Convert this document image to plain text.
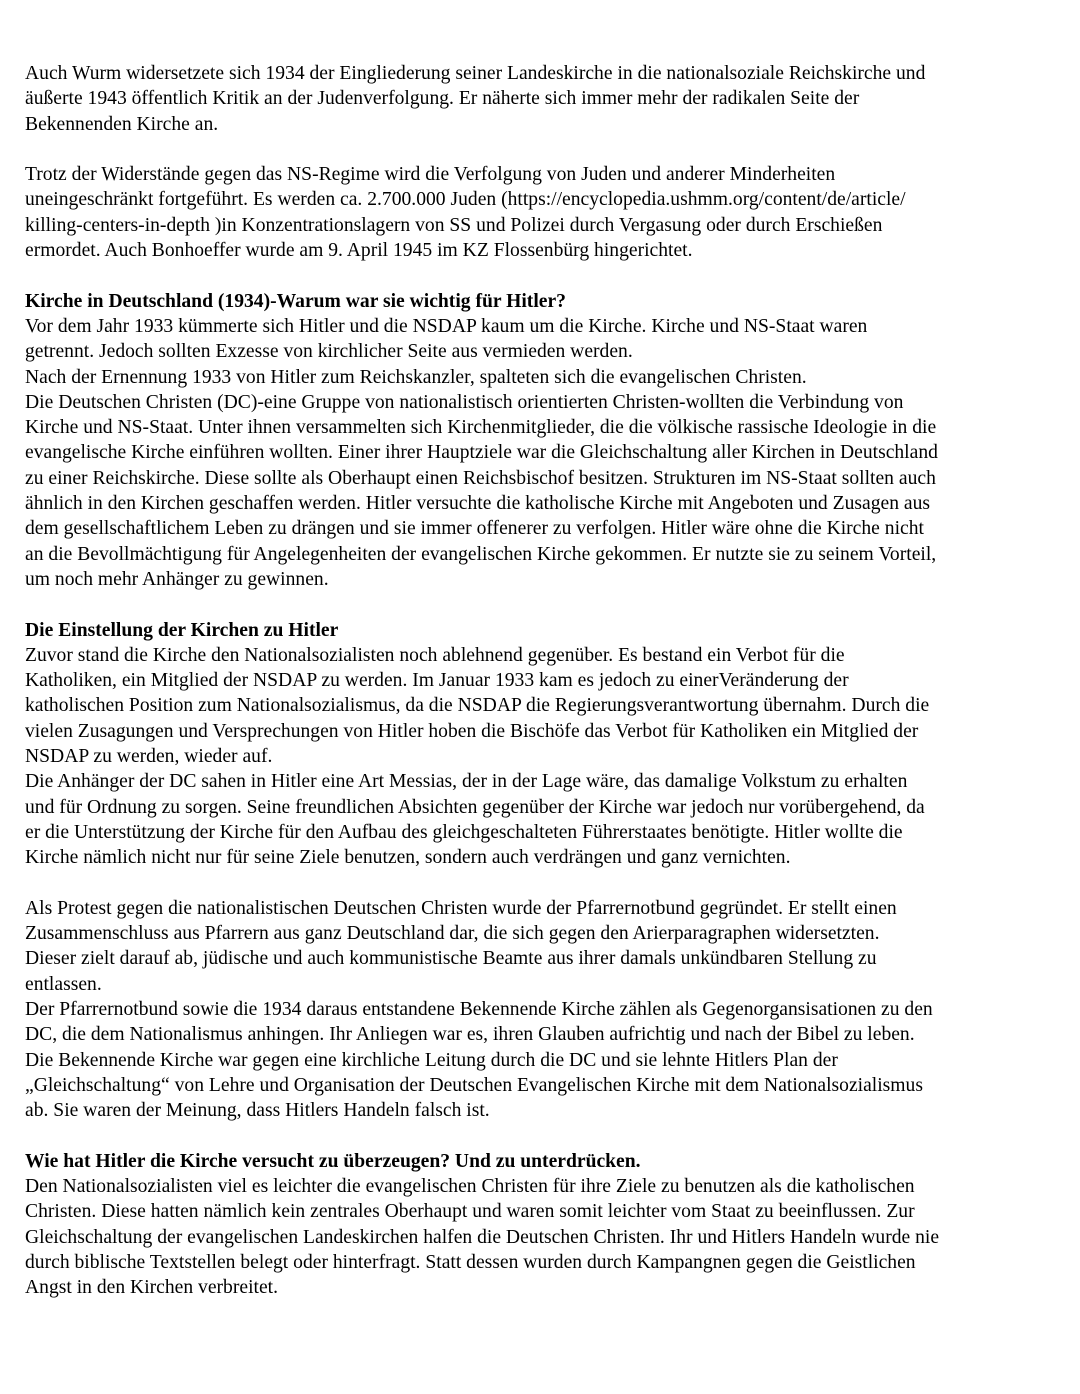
Auch Wurm widersetzete sich 1934 der Eingliederung seiner Landeskirche in die nationalsoziale Reichskirche und
äußerte 1943 öffentlich Kritik an der Judenverfolgung. Er näherte sich immer mehr der radikalen Seite der
Bekennenden Kirche an.
Trotz der Widerstände gegen das NS-Regime wird die Verfolgung von Juden und anderer Minderheiten
uneingeschränkt fortgeführt. Es werden ca. 2.700.000 Juden (https://encyclopedia.ushmm.org/content/de/article/
killing-centers-in-depth )in Konzentrationslagern von SS und Polizei durch Vergasung oder durch Erschießen
ermordet. Auch Bonhoeffer wurde am 9. April 1945 im KZ Flossenbürg hingerichtet.
Kirche in Deutschland (1934)-Warum war sie wichtig für Hitler?
Vor dem Jahr 1933 kümmerte sich Hitler und die NSDAP kaum um die Kirche. Kirche und NS-Staat waren
getrennt. Jedoch sollten Exzesse von kirchlicher Seite aus vermieden werden.
Nach der Ernennung 1933 von Hitler zum Reichskanzler, spalteten sich die evangelischen Christen.
Die Deutschen Christen (DC)-eine Gruppe von nationalistisch orientierten Christen-wollten die Verbindung von
Kirche und NS-Staat. Unter ihnen versammelten sich Kirchenmitglieder, die die völkische rassische Ideologie in die
evangelische Kirche einführen wollten. Einer ihrer Hauptziele war die Gleichschaltung aller Kirchen in Deutschland
zu einer Reichskirche. Diese sollte als Oberhaupt einen Reichsbischof besitzen. Strukturen im NS-Staat sollten auch
ähnlich in den Kirchen geschaffen werden. Hitler versuchte die katholische Kirche mit Angeboten und Zusagen aus
dem gesellschaftlichem Leben zu drängen und sie immer offenerer zu verfolgen. Hitler wäre ohne die Kirche nicht
an die Bevollmächtigung für Angelegenheiten der evangelischen Kirche gekommen. Er nutzte sie zu seinem Vorteil,
um noch mehr Anhänger zu gewinnen.
Die Einstellung der Kirchen zu Hitler
Zuvor stand die Kirche den Nationalsozialisten noch ablehnend gegenüber. Es bestand ein Verbot für die
Katholiken, ein Mitglied der NSDAP zu werden. Im Januar 1933 kam es jedoch zu einerVeränderung der
katholischen Position zum Nationalsozialismus, da die NSDAP die Regierungsverantwortung übernahm. Durch die
vielen Zusagungen und Versprechungen von Hitler hoben die Bischöfe das Verbot für Katholiken ein Mitglied der
NSDAP zu werden, wieder auf.
Die Anhänger der DC sahen in Hitler eine Art Messias, der in der Lage wäre, das damalige Volkstum zu erhalten
und für Ordnung zu sorgen. Seine freundlichen Absichten gegenüber der Kirche war jedoch nur vorübergehend, da
er die Unterstützung der Kirche für den Aufbau des gleichgeschalteten Führerstaates benötigte. Hitler wollte die
Kirche nämlich nicht nur für seine Ziele benutzen, sondern auch verdrängen und ganz vernichten.
Als Protest gegen die nationalistischen Deutschen Christen wurde der Pfarrernotbund gegründet. Er stellt einen
Zusammenschluss aus Pfarrern aus ganz Deutschland dar, die sich gegen den Arierparagraphen widersetzten.
Dieser zielt darauf ab, jüdische und auch kommunistische Beamte aus ihrer damals unkündbaren Stellung zu
entlassen.
Der Pfarrernotbund sowie die 1934 daraus entstandene Bekennende Kirche zählen als Gegenorgansisationen zu den
DC, die dem Nationalismus anhingen. Ihr Anliegen war es, ihren Glauben aufrichtig und nach der Bibel zu leben.
Die Bekennende Kirche war gegen eine kirchliche Leitung durch die DC und sie lehnte Hitlers Plan der
„Gleichschaltung“ von Lehre und Organisation der Deutschen Evangelischen Kirche mit dem Nationalsozialismus
ab. Sie waren der Meinung, dass Hitlers Handeln falsch ist.
Wie hat Hitler die Kirche versucht zu überzeugen? Und zu unterdrücken.
Den Nationalsozialisten viel es leichter die evangelischen Christen für ihre Ziele zu benutzen als die katholischen
Christen. Diese hatten nämlich kein zentrales Oberhaupt und waren somit leichter vom Staat zu beeinflussen. Zur
Gleichschaltung der evangelischen Landeskirchen halfen die Deutschen Christen. Ihr und Hitlers Handeln wurde nie
durch biblische Textstellen belegt oder hinterfragt. Statt dessen wurden durch Kampangnen gegen die Geistlichen
Angst in den Kirchen verbreitet.
